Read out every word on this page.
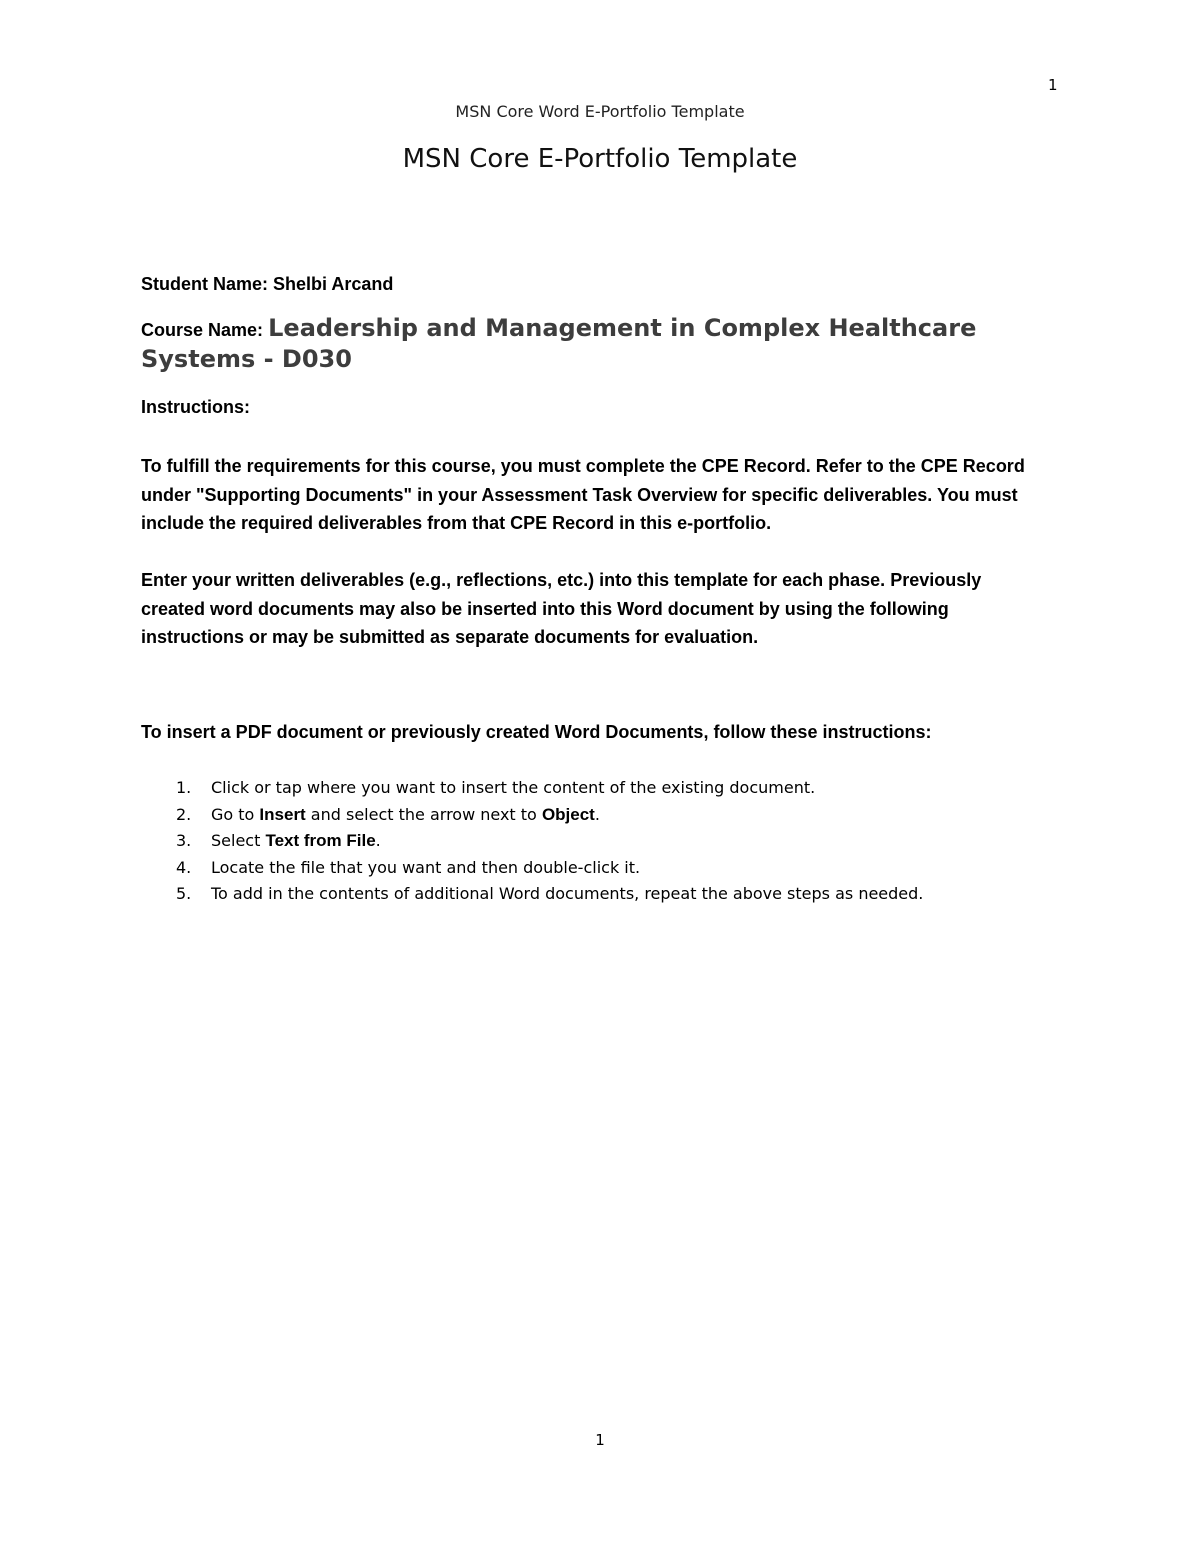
1
MSN Core Word E-Portfolio Template
MSN Core E-Portfolio Template
Student Name: Shelbi Arcand
Course Name: Leadership and Management in Complex Healthcare Systems - D030
Instructions:
To fulfill the requirements for this course, you must complete the CPE Record. Refer to the CPE Record under "Supporting Documents" in your Assessment Task Overview for specific deliverables. You must include the required deliverables from that CPE Record in this e-portfolio.
Enter your written deliverables (e.g., reflections, etc.) into this template for each phase. Previously created word documents may also be inserted into this Word document by using the following instructions or may be submitted as separate documents for evaluation.
To insert a PDF document or previously created Word Documents, follow these instructions:
1. Click or tap where you want to insert the content of the existing document.
2. Go to Insert and select the arrow next to Object.
3. Select Text from File.
4. Locate the file that you want and then double-click it.
5. To add in the contents of additional Word documents, repeat the above steps as needed.
1
